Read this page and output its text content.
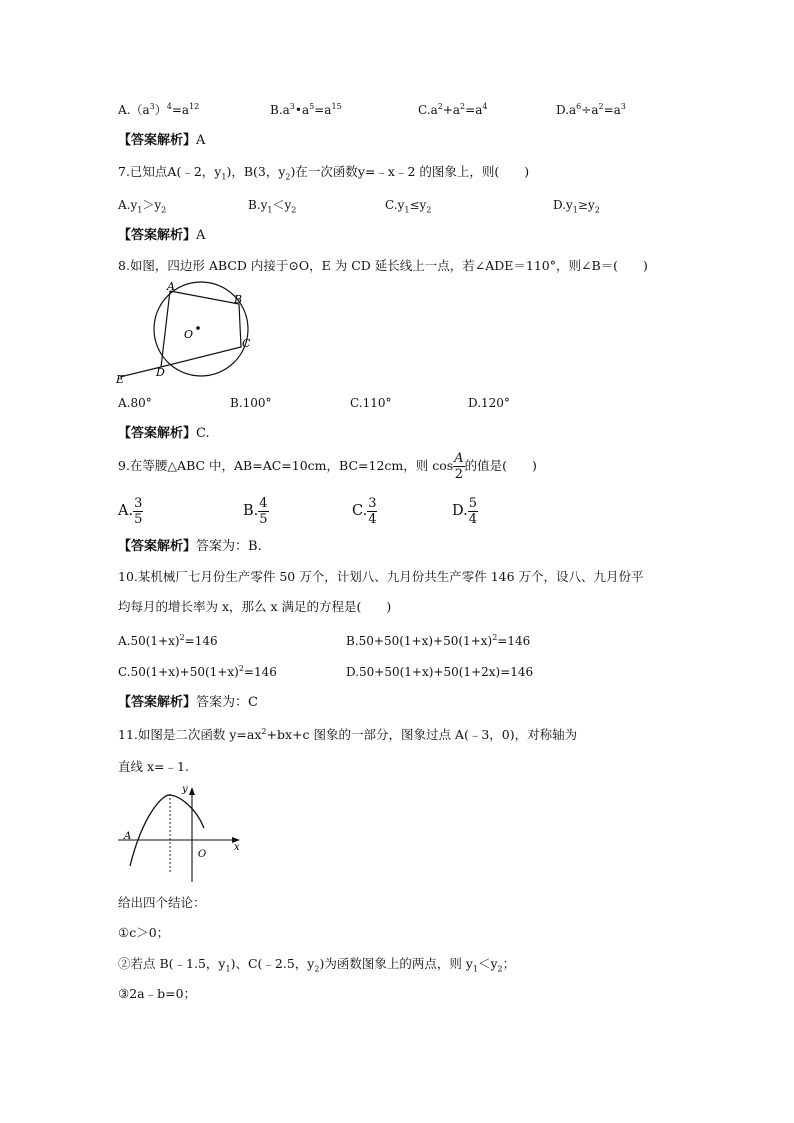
$A.(a^3)^4=a^{12}$	$B.a^3•a^5=a^{15}$	$C.a^2+a^2=a^4$	$D.a^6\div a^2=a^3$
【答案解析】A
7.已知点A(﹣2，$y_1$)，B(3，$y_2$)在一次函数y=﹣x﹣2 的图象上，则(　　)
$A.y_1>y_2$	$B.y_1<y_2$	$C.y_1\le y_2$	$D.y_1\ge y_2$
【答案解析】A
8.如图，四边形 ABCD 内接于⊙O，E 为 CD 延长线上一点，若∠ADE＝110°，则∠B＝(　　)
A
B
C
D
E
O
A.80°	B.100°	C.110°	D.120°
【答案解析】C.
9.在等腰△ABC 中，AB=AC=10cm，BC=12cm，则 $\cos \frac{A}{2}$ 的值是(　　)
A. $\frac{3}{5}$	B. $\frac{4}{5}$	C. $\frac{3}{4}$	D. $\frac{5}{4}$
【答案解析】答案为：B.
10.某机械厂七月份生产零件 50 万个，计划八、九月份共生产零件 146 万个，设八、九月份平
均每月的增长率为 x，那么 x 满足的方程是(　　)
$A.50(1+x)^2=146$	$B.50+50(1+x)+50(1+x)^2=146$
$C.50(1+x)+50(1+x)^2=146$	D.50+50(1+x)+50(1+2x)=146
【答案解析】答案为：C
11.如图是二次函数 $y=ax^2+bx+c$ 图象的一部分，图象过点 A(﹣3，0)，对称轴为
直线 x=﹣1.
x
y
A
O
给出四个结论：
①c＞0；
②若点 B(﹣1.5，$y_1$)、C(﹣2.5，$y_2$)为函数图象上的两点，则 $y_1<y_2$；
③2a﹣b=0；
